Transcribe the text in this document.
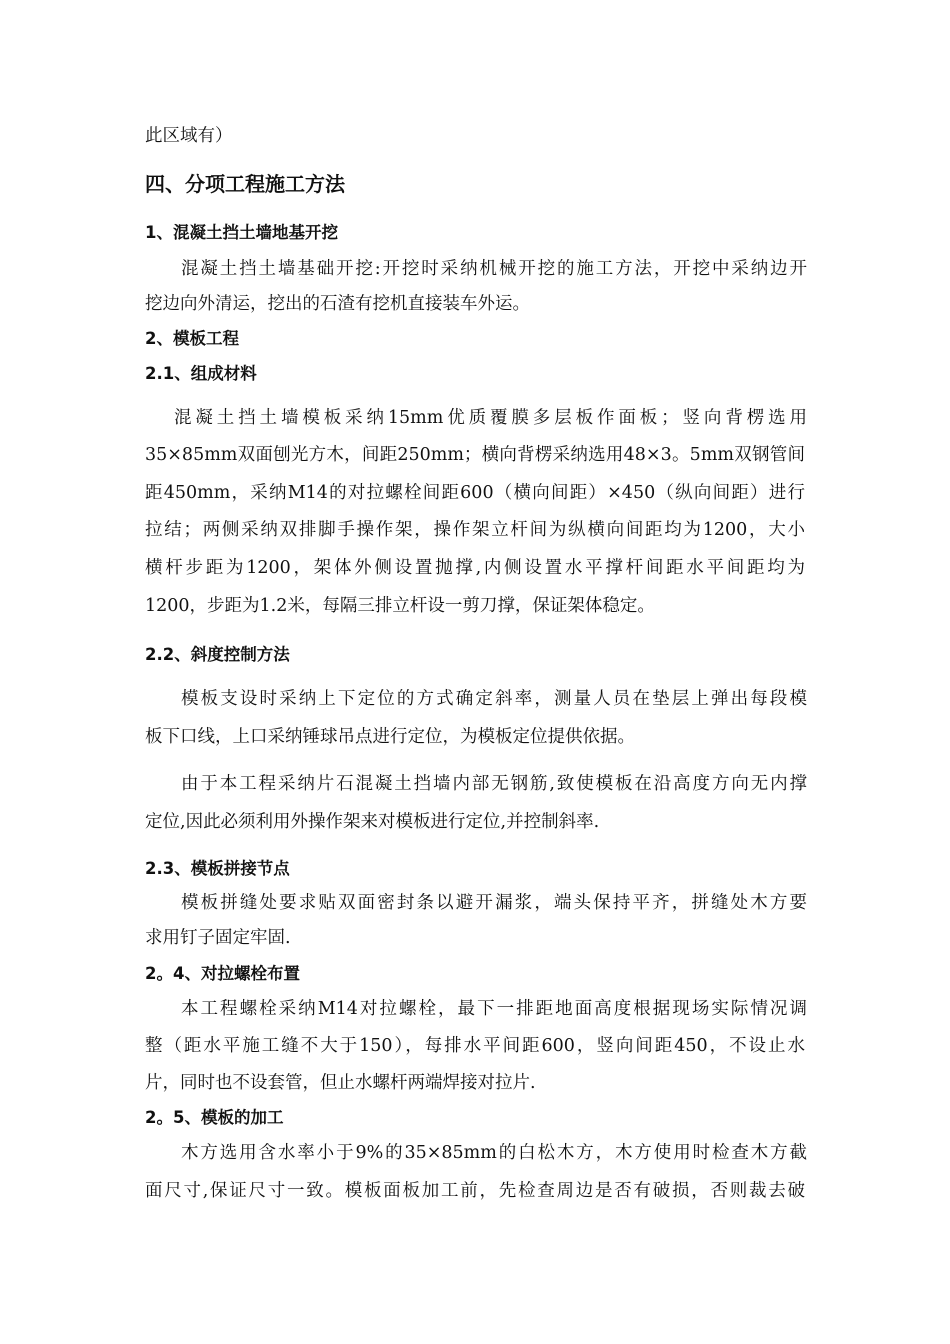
此区域有）
四、分项工程施工方法
1、混凝土挡土墙地基开挖
混凝土挡土墙基础开挖:开挖时采纳机械开挖的施工方法，开挖中采纳边开
挖边向外清运，挖出的石渣有挖机直接装车外运。
2、模板工程
2.1、组成材料
混凝土挡土墙模板采纳15mm优质覆膜多层板作面板；竖向背楞选用
35×85mm双面刨光方木，间距250mm；横向背楞采纳选用48×3。5mm双钢管间
距450mm，采纳M14的对拉螺栓间距600（横向间距）×450（纵向间距）进行
拉结；两侧采纳双排脚手操作架，操作架立杆间为纵横向间距均为1200，大小
横杆步距为1200，架体外侧设置抛撑,内侧设置水平撑杆间距水平间距均为
1200，步距为1.2米，每隔三排立杆设一剪刀撑，保证架体稳定。
2.2、斜度控制方法
模板支设时采纳上下定位的方式确定斜率，测量人员在垫层上弹出每段模
板下口线，上口采纳锤球吊点进行定位，为模板定位提供依据。
由于本工程采纳片石混凝土挡墙内部无钢筋,致使模板在沿高度方向无内撑
定位,因此必须利用外操作架来对模板进行定位,并控制斜率.
2.3、模板拼接节点
模板拼缝处要求贴双面密封条以避开漏浆，端头保持平齐，拼缝处木方要
求用钉子固定牢固.
2。4、对拉螺栓布置
本工程螺栓采纳M14对拉螺栓，最下一排距地面高度根据现场实际情况调
整（距水平施工缝不大于150），每排水平间距600，竖向间距450，不设止水
片，同时也不设套管，但止水螺杆两端焊接对拉片.
2。5、模板的加工
木方选用含水率小于9%的35×85mm的白松木方，木方使用时检查木方截
面尺寸,保证尺寸一致。模板面板加工前，先检查周边是否有破损，否则裁去破
